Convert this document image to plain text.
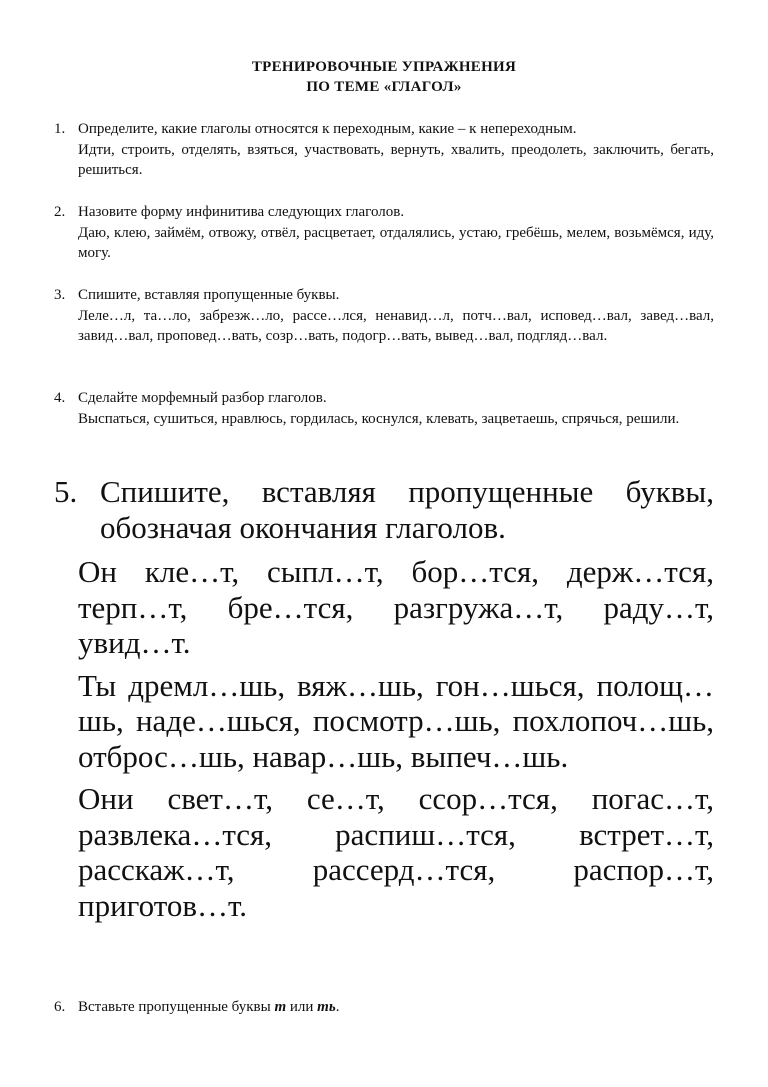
ТРЕНИРОВОЧНЫЕ УПРАЖНЕНИЯ
ПО ТЕМЕ «ГЛАГОЛ»
1. Определите, какие глаголы относятся к переходным, какие – к непереходным.
Идти, строить, отделять, взяться, участвовать, вернуть, хвалить, преодолеть, заключить, бегать, решиться.
2. Назовите форму инфинитива следующих глаголов.
Даю, клею, займём, отвожу, отвёл, расцветает, отдалялись, устаю, гребёшь, мелем, возьмёмся, иду, могу.
3. Спишите, вставляя пропущенные буквы.
Леле…л, та…ло, забрезж…ло, рассе…лся, ненавид…л, потч…вал, исповед…вал, завед…вал, завид…вал, проповед…вать, созр…вать, подогр…вать, вывед…вал, подгляд…вал.
4. Сделайте морфемный разбор глаголов.
Выспаться, сушиться, нравлюсь, гордилась, коснулся, клевать, зацветаешь, спрячься, решили.
5. Спишите, вставляя пропущенные буквы, обозначая окончания глаголов.
Он кле…т, сыпл…т, бор…тся, держ…тся, терп…т, бре…тся, разгружа…т, раду…т, увид…т.
Ты дремл…шь, вяж…шь, гон…шься, полощ…шь, наде…шься, посмотр…шь, похлопоч…шь, отброс…шь, навар…шь, выпеч…шь.
Они свет…т, се…т, ссор…тся, погас…т, развлека…тся, распиш…тся, встрет…т, расскаж…т, рассерд…тся, распор…т, приготов…т.
6. Вставьте пропущенные буквы т или ть.
